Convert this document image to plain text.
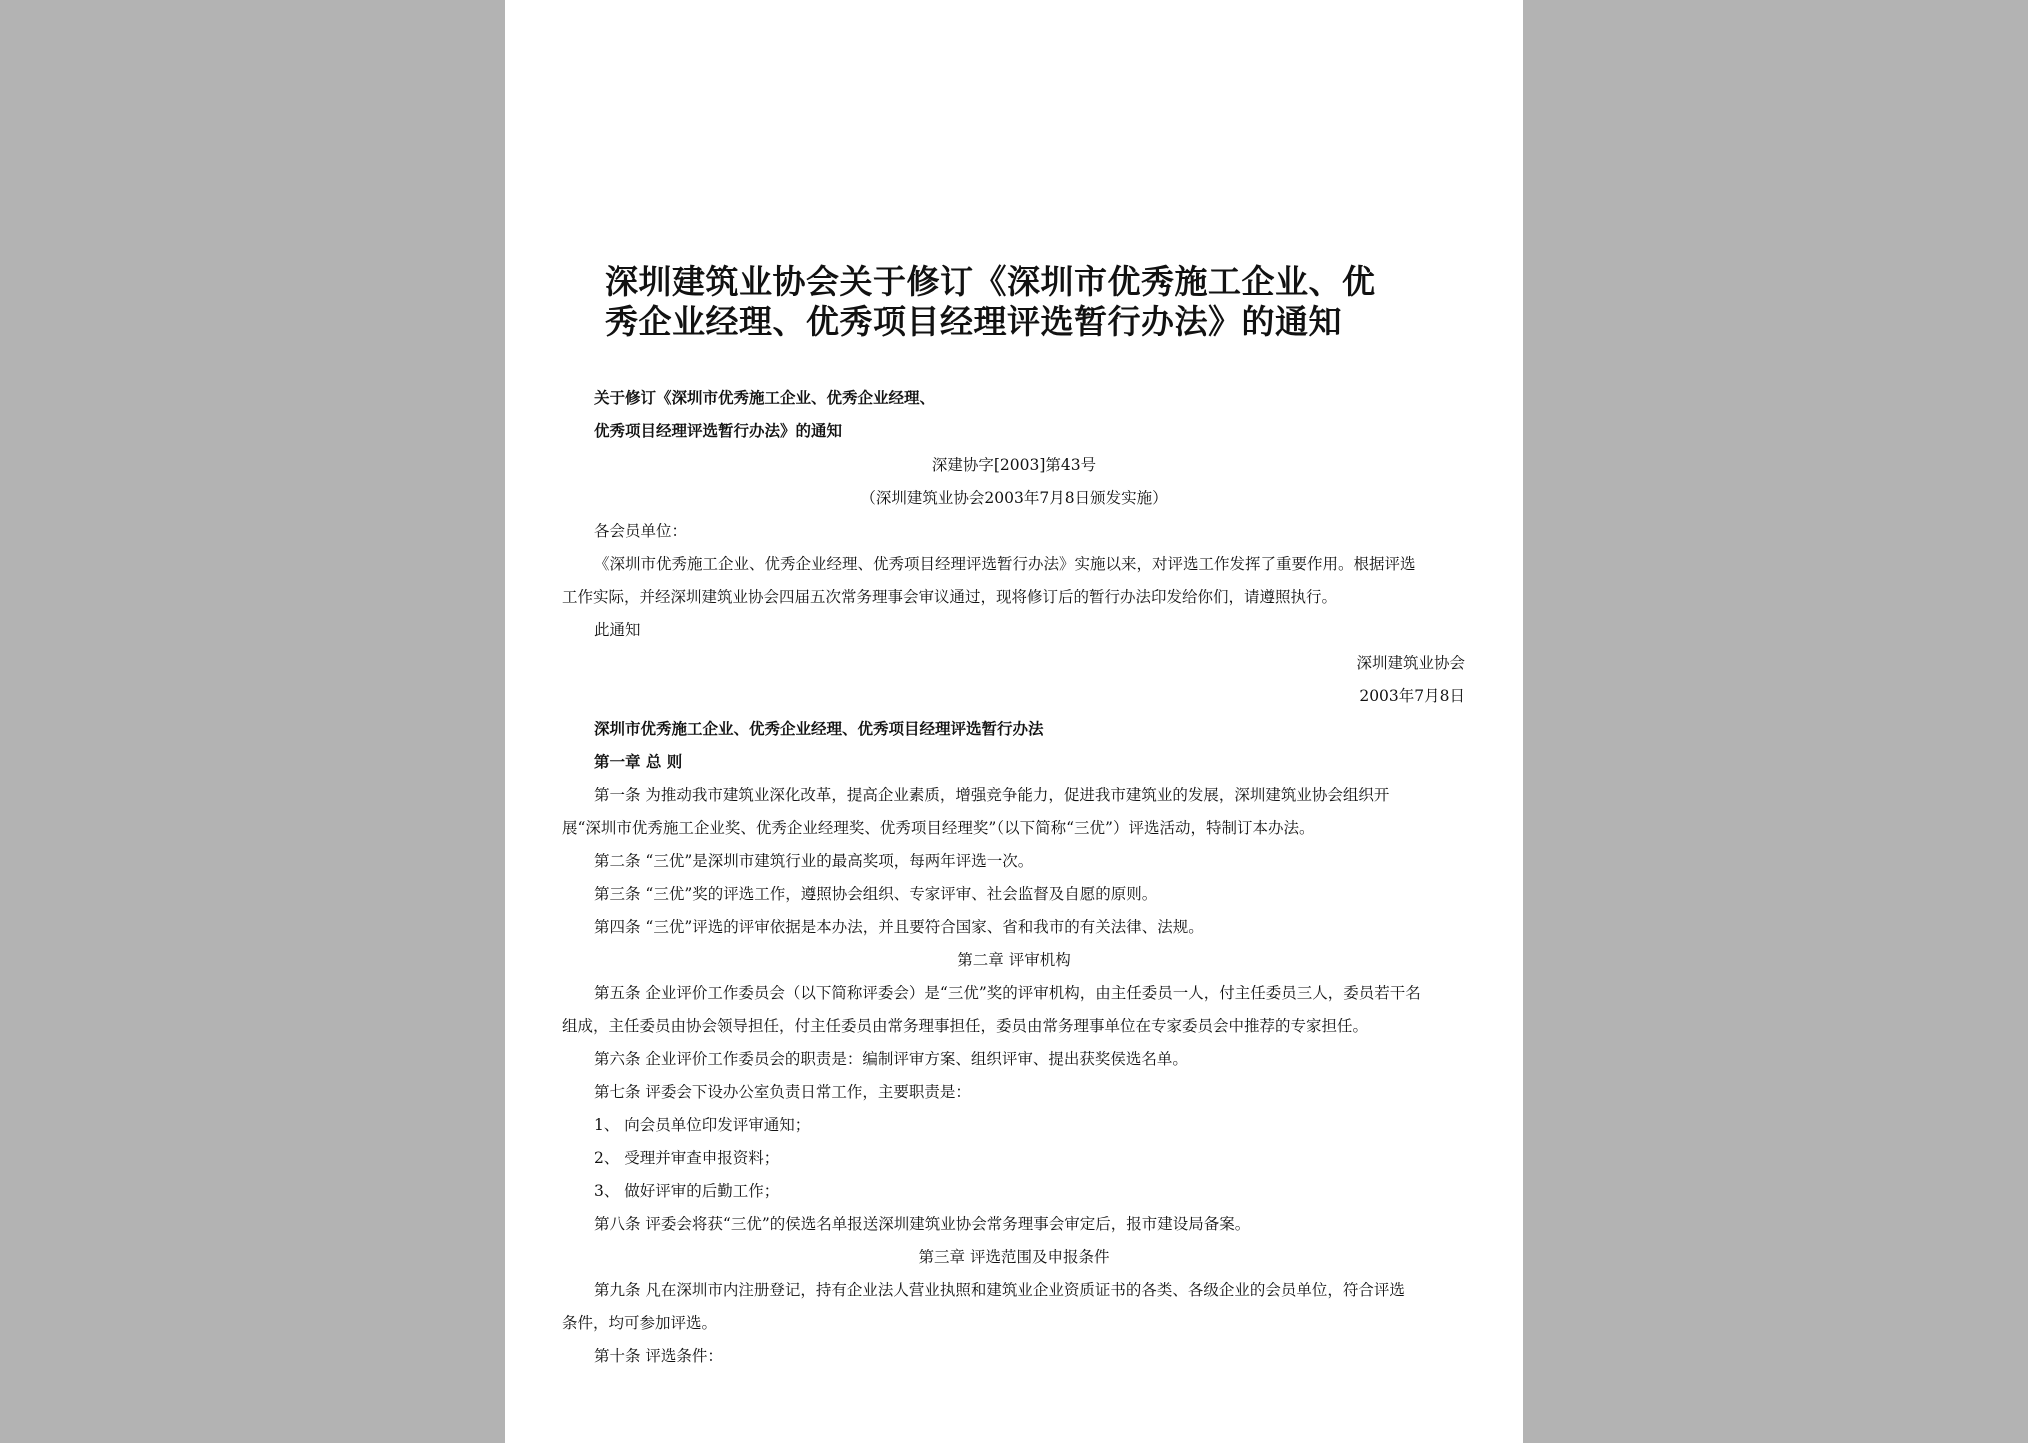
深圳建筑业协会关于修订《深圳市优秀施工企业、优
秀企业经理、优秀项目经理评选暂行办法》的通知
关于修订《深圳市优秀施工企业、优秀企业经理、
优秀项目经理评选暂行办法》的通知
深建协字[2003]第43号
（深圳建筑业协会2003年7月8日颁发实施）
各会员单位：
《深圳市优秀施工企业、优秀企业经理、优秀项目经理评选暂行办法》实施以来，对评选工作发挥了重要作用。根据评选
工作实际，并经深圳建筑业协会四届五次常务理事会审议通过，现将修订后的暂行办法印发给你们，请遵照执行。
此通知
深圳建筑业协会
2003年7月8日
深圳市优秀施工企业、优秀企业经理、优秀项目经理评选暂行办法
第一章 总 则
第一条 为推动我市建筑业深化改革，提高企业素质，增强竞争能力，促进我市建筑业的发展，深圳建筑业协会组织开
展“深圳市优秀施工企业奖、优秀企业经理奖、优秀项目经理奖”（以下简称“三优”）评选活动，特制订本办法。
第二条 “三优”是深圳市建筑行业的最高奖项，每两年评选一次。
第三条 “三优”奖的评选工作，遵照协会组织、专家评审、社会监督及自愿的原则。
第四条 “三优”评选的评审依据是本办法，并且要符合国家、省和我市的有关法律、法规。
第二章 评审机构
第五条 企业评价工作委员会（以下简称评委会）是“三优”奖的评审机构，由主任委员一人，付主任委员三人，委员若干名
组成，主任委员由协会领导担任，付主任委员由常务理事担任，委员由常务理事单位在专家委员会中推荐的专家担任。
第六条 企业评价工作委员会的职责是：编制评审方案、组织评审、提出获奖侯选名单。
第七条 评委会下设办公室负责日常工作，主要职责是：
1、 向会员单位印发评审通知；
2、 受理并审查申报资料；
3、 做好评审的后勤工作；
第八条 评委会将获“三优”的侯选名单报送深圳建筑业协会常务理事会审定后，报市建设局备案。
第三章 评选范围及申报条件
第九条 凡在深圳市内注册登记，持有企业法人营业执照和建筑业企业资质证书的各类、各级企业的会员单位，符合评选
条件，均可参加评选。
第十条 评选条件：
